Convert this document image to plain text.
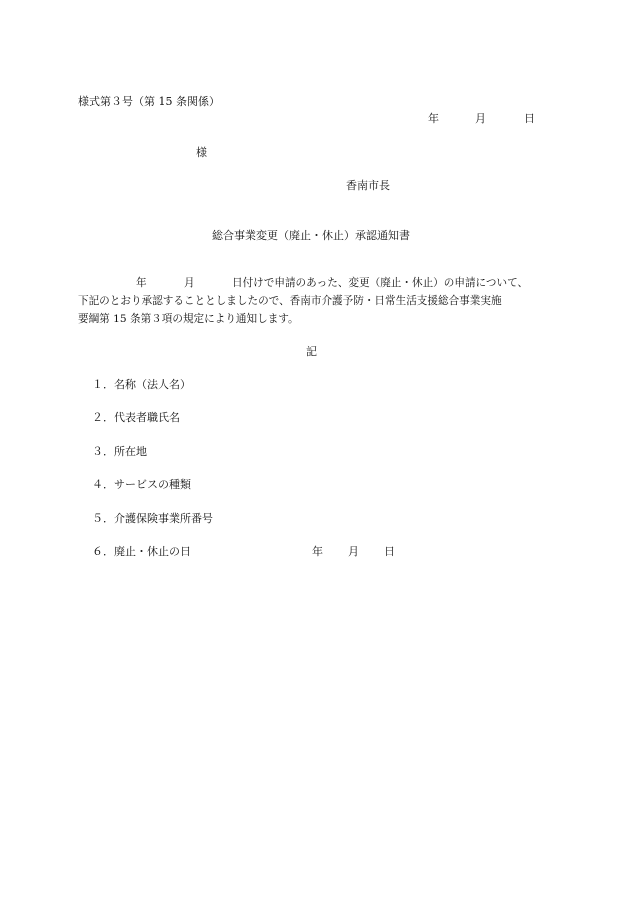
様式第３号（第 15 条関係）
年	月	日
様
香南市長
総合事業変更（廃止・休止）承認通知書
年	月	日付けで申請のあった、変更（廃止・休止）の申請について、
下記のとおり承認することとしましたので、香南市介護予防・日常生活支援総合事業実施
要綱第 15 条第３項の規定により通知します。
記
１． 名称（法人名）
２． 代表者職氏名
３． 所在地
４． サービスの種類
５． 介護保険事業所番号
６． 廃止・休止の日	年 月 日
